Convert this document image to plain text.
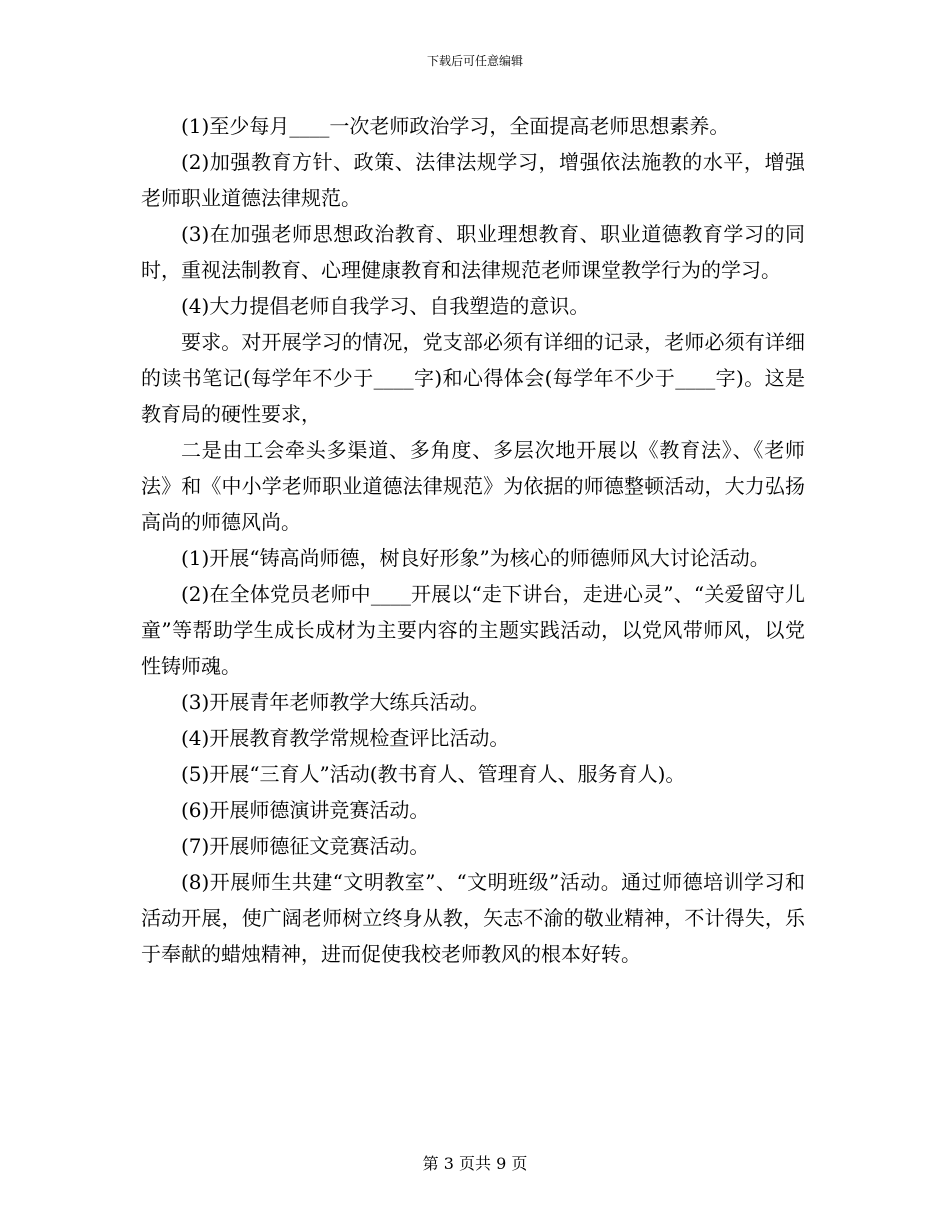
下载后可任意编辑

(1)至少每月____一次老师政治学习，全面提高老师思想素养。

(2)加强教育方针、政策、法律法规学习，增强依法施教的水平，增强老师职业道德法律规范。

(3)在加强老师思想政治教育、职业理想教育、职业道德教育学习的同时，重视法制教育、心理健康教育和法律规范老师课堂教学行为的学习。

(4)大力提倡老师自我学习、自我塑造的意识。

要求。对开展学习的情况，党支部必须有详细的记录，老师必须有详细的读书笔记(每学年不少于____字)和心得体会(每学年不少于____字)。这是教育局的硬性要求，

二是由工会牵头多渠道、多角度、多层次地开展以《教育法》、《老师法》和《中小学老师职业道德法律规范》为依据的师德整顿活动，大力弘扬高尚的师德风尚。

(1)开展“铸高尚师德，树良好形象”为核心的师德师风大讨论活动。

(2)在全体党员老师中____开展以“走下讲台，走进心灵”、“关爱留守儿童”等帮助学生成长成材为主要内容的主题实践活动，以党风带师风，以党性铸师魂。

(3)开展青年老师教学大练兵活动。

(4)开展教育教学常规检查评比活动。

(5)开展“三育人”活动(教书育人、管理育人、服务育人)。

(6)开展师德演讲竞赛活动。

(7)开展师德征文竞赛活动。

(8)开展师生共建“文明教室”、“文明班级”活动。通过师德培训学习和活动开展，使广阔老师树立终身从教，矢志不渝的敬业精神，不计得失，乐于奉献的蜡烛精神，进而促使我校老师教风的根本好转。

第 3 页共 9 页
